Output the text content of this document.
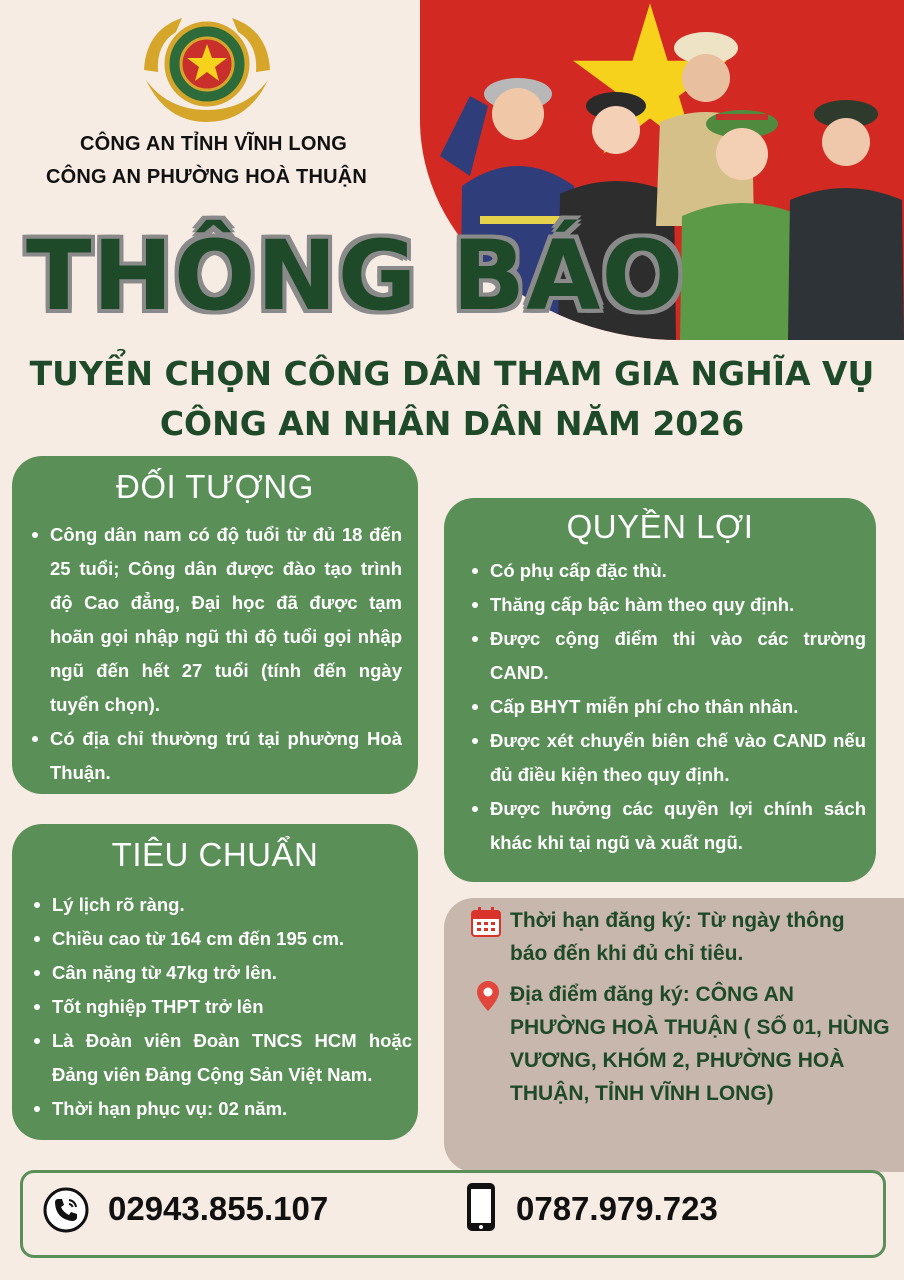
CÔNG AN TỈNH VĨNH LONG
CÔNG AN PHƯỜNG HOÀ THUẬN
THÔNG BÁO
TUYỂN CHỌN CÔNG DÂN THAM GIA NGHĨA VỤ
CÔNG AN NHÂN DÂN NĂM 2026
ĐỐI TƯỢNG
Công dân nam có độ tuổi từ đủ 18 đến 25 tuổi; Công dân được đào tạo trình độ Cao đẳng, Đại học đã được tạm hoãn gọi nhập ngũ thì độ tuổi gọi nhập ngũ đến hết 27 tuổi (tính đến ngày tuyển chọn).
Có địa chỉ thường trú tại phường Hoà Thuận.
QUYỀN LỢI
Có phụ cấp đặc thù.
Thăng cấp bậc hàm theo quy định.
Được cộng điểm thi vào các trường CAND.
Cấp BHYT miễn phí cho thân nhân.
Được xét chuyển biên chế vào CAND nếu đủ điều kiện theo quy định.
Được hưởng các quyền lợi chính sách khác khi tại ngũ và xuất ngũ.
TIÊU CHUẨN
Lý lịch rõ ràng.
Chiều cao từ 164 cm đến 195 cm.
Cân nặng từ 47kg trở lên.
Tốt nghiệp THPT trở lên
Là Đoàn viên Đoàn TNCS HCM hoặc Đảng viên Đảng Cộng Sản Việt Nam.
Thời hạn phục vụ: 02 năm.
Thời hạn đăng ký: Từ ngày thông báo đến khi đủ chỉ tiêu.
Địa điểm đăng ký: CÔNG AN PHƯỜNG HOÀ THUẬN ( SỐ 01, HÙNG VƯƠNG, KHÓM 2, PHƯỜNG HOÀ THUẬN, TỈNH VĨNH LONG)
02943.855.107	0787.979.723
